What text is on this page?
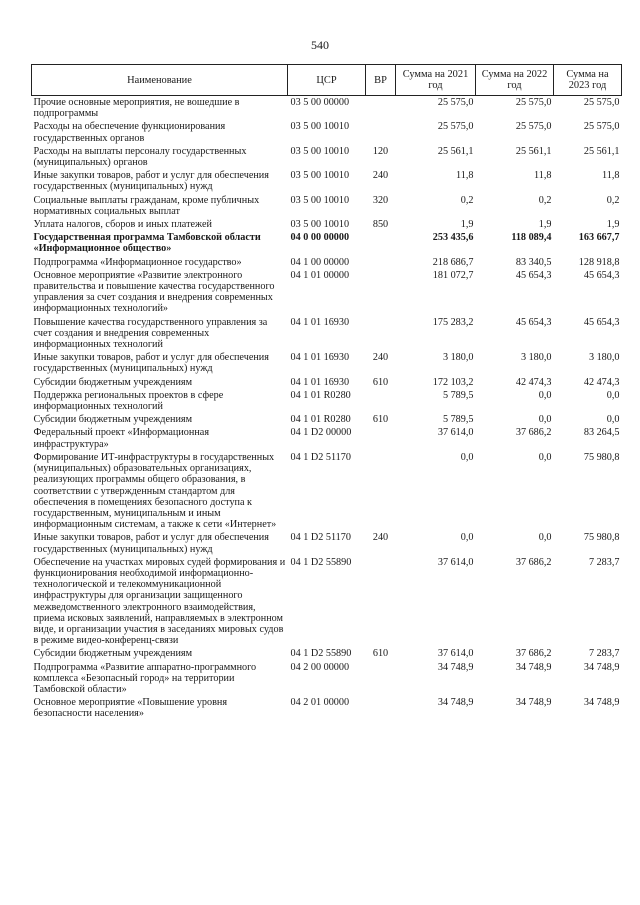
540
Наименование	ЦСР	ВР	Сумма на 2021 год	Сумма на 2022 год	Сумма на 2023 год
Прочие основные мероприятия, не вошедшие в подпрограммы	03 5 00 00000		25 575,0	25 575,0	25 575,0
Расходы на обеспечение функционирования государственных органов	03 5 00 10010		25 575,0	25 575,0	25 575,0
Расходы на выплаты персоналу государственных (муниципальных) органов	03 5 00 10010	120	25 561,1	25 561,1	25 561,1
Иные закупки товаров, работ и услуг для обеспечения государственных (муниципальных) нужд	03 5 00 10010	240	11,8	11,8	11,8
Социальные выплаты гражданам, кроме публичных нормативных социальных выплат	03 5 00 10010	320	0,2	0,2	0,2
Уплата налогов, сборов и иных платежей	03 5 00 10010	850	1,9	1,9	1,9
Государственная программа Тамбовской области «Информационное общество»	04 0 00 00000		253 435,6	118 089,4	163 667,7
Подпрограмма «Информационное государство»	04 1 00 00000		218 686,7	83 340,5	128 918,8
Основное мероприятие «Развитие электронного правительства и повышение качества государственного управления за счет создания и внедрения современных информационных технологий»	04 1 01 00000		181 072,7	45 654,3	45 654,3
Повышение качества государственного управления за счет создания и внедрения современных информационных технологий	04 1 01 16930		175 283,2	45 654,3	45 654,3
Иные закупки товаров, работ и услуг для обеспечения государственных (муниципальных) нужд	04 1 01 16930	240	3 180,0	3 180,0	3 180,0
Субсидии бюджетным учреждениям	04 1 01 16930	610	172 103,2	42 474,3	42 474,3
Поддержка региональных проектов в сфере информационных технологий	04 1 01 R0280		5 789,5	0,0	0,0
Субсидии бюджетным учреждениям	04 1 01 R0280	610	5 789,5	0,0	0,0
Федеральный проект «Информационная инфраструктура»	04 1 D2 00000		37 614,0	37 686,2	83 264,5
Формирование ИТ-инфраструктуры в государственных (муниципальных) образовательных организациях, реализующих программы общего образования, в соответствии с утвержденным стандартом для обеспечения в помещениях безопасного доступа к государственным, муниципальным и иным информационным системам, а также к сети «Интернет»	04 1 D2 51170		0,0	0,0	75 980,8
Иные закупки товаров, работ и услуг для обеспечения государственных (муниципальных) нужд	04 1 D2 51170	240	0,0	0,0	75 980,8
Обеспечение на участках мировых судей формирования и функционирования необходимой информационно-технологической и телекоммуникационной инфраструктуры для организации защищенного межведомственного электронного взаимодействия, приема исковых заявлений, направляемых в электронном виде, и организации участия в заседаниях мировых судов в режиме видео-конференц-связи	04 1 D2 55890		37 614,0	37 686,2	7 283,7
Субсидии бюджетным учреждениям	04 1 D2 55890	610	37 614,0	37 686,2	7 283,7
Подпрограмма «Развитие аппаратно-программного комплекса «Безопасный город» на территории Тамбовской области»	04 2 00 00000		34 748,9	34 748,9	34 748,9
Основное мероприятие «Повышение уровня безопасности населения»	04 2 01 00000		34 748,9	34 748,9	34 748,9
